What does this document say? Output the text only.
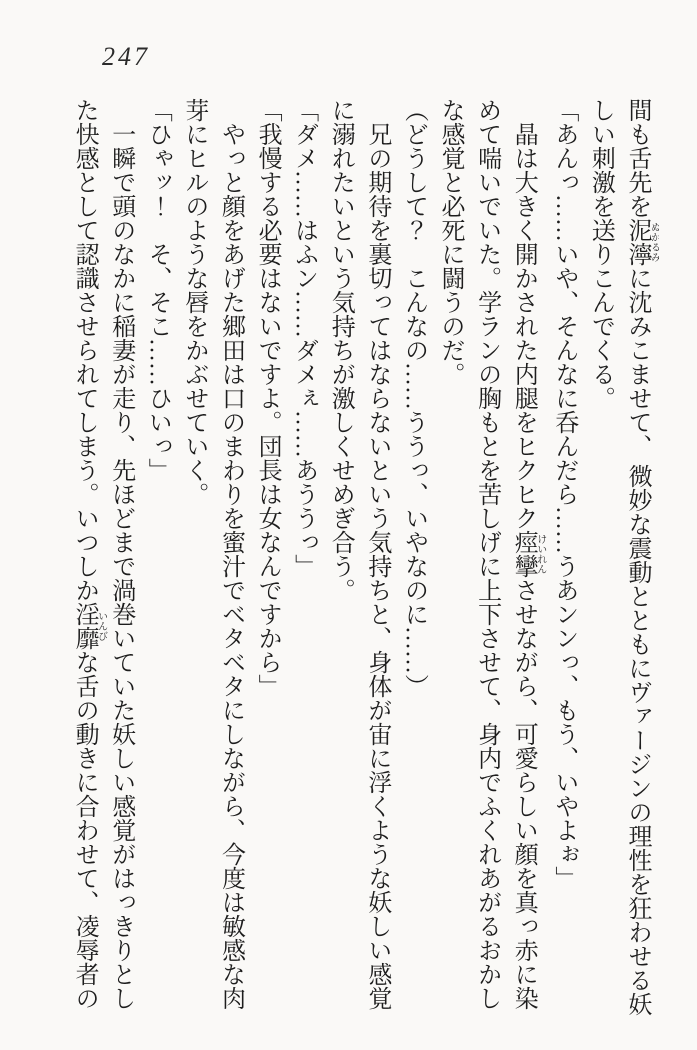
247

間も舌先を泥濘ぬかるみに沈みこませて、 微妙な震動とともにヴァージンの理性を狂わせる妖しい刺激を送りこんでくる。

「あんっ……いや、そんなに呑んだら……うあンンっ、もう、いやよぉ」

晶は大きく開かされた内腿をヒクヒク痙攣けいれんさせながら、可愛らしい顔を真っ赤に染めて喘いでいた。学ランの胸もとを苦しげに上下させて、身内でふくれあがるおかしな感覚と必死に闘うのだ。

（どうして？　こんなの……ううっ、いやなのに……）

兄の期待を裏切ってはならないという気持ちと、身体が宙に浮くような妖しい感覚に溺れたいという気持ちが激しくせめぎ合う。

「ダメ……はふン……ダメぇ……あううっ」

「我慢する必要はないですよ。団長は女なんですから」

やっと顔をあげた郷田は口のまわりを蜜汁でベタベタにしながら、今度は敏感な肉芽にヒルのような唇をかぶせていく。

「ひゃッ！　そ、そこ……ひいっ」

一瞬で頭のなかに稲妻が走り、先ほどまで渦巻いていた妖しい感覚がはっきりとした快感として認識させられてしまう。いつしか淫靡いんびな舌の動きに合わせて、凌辱者の
